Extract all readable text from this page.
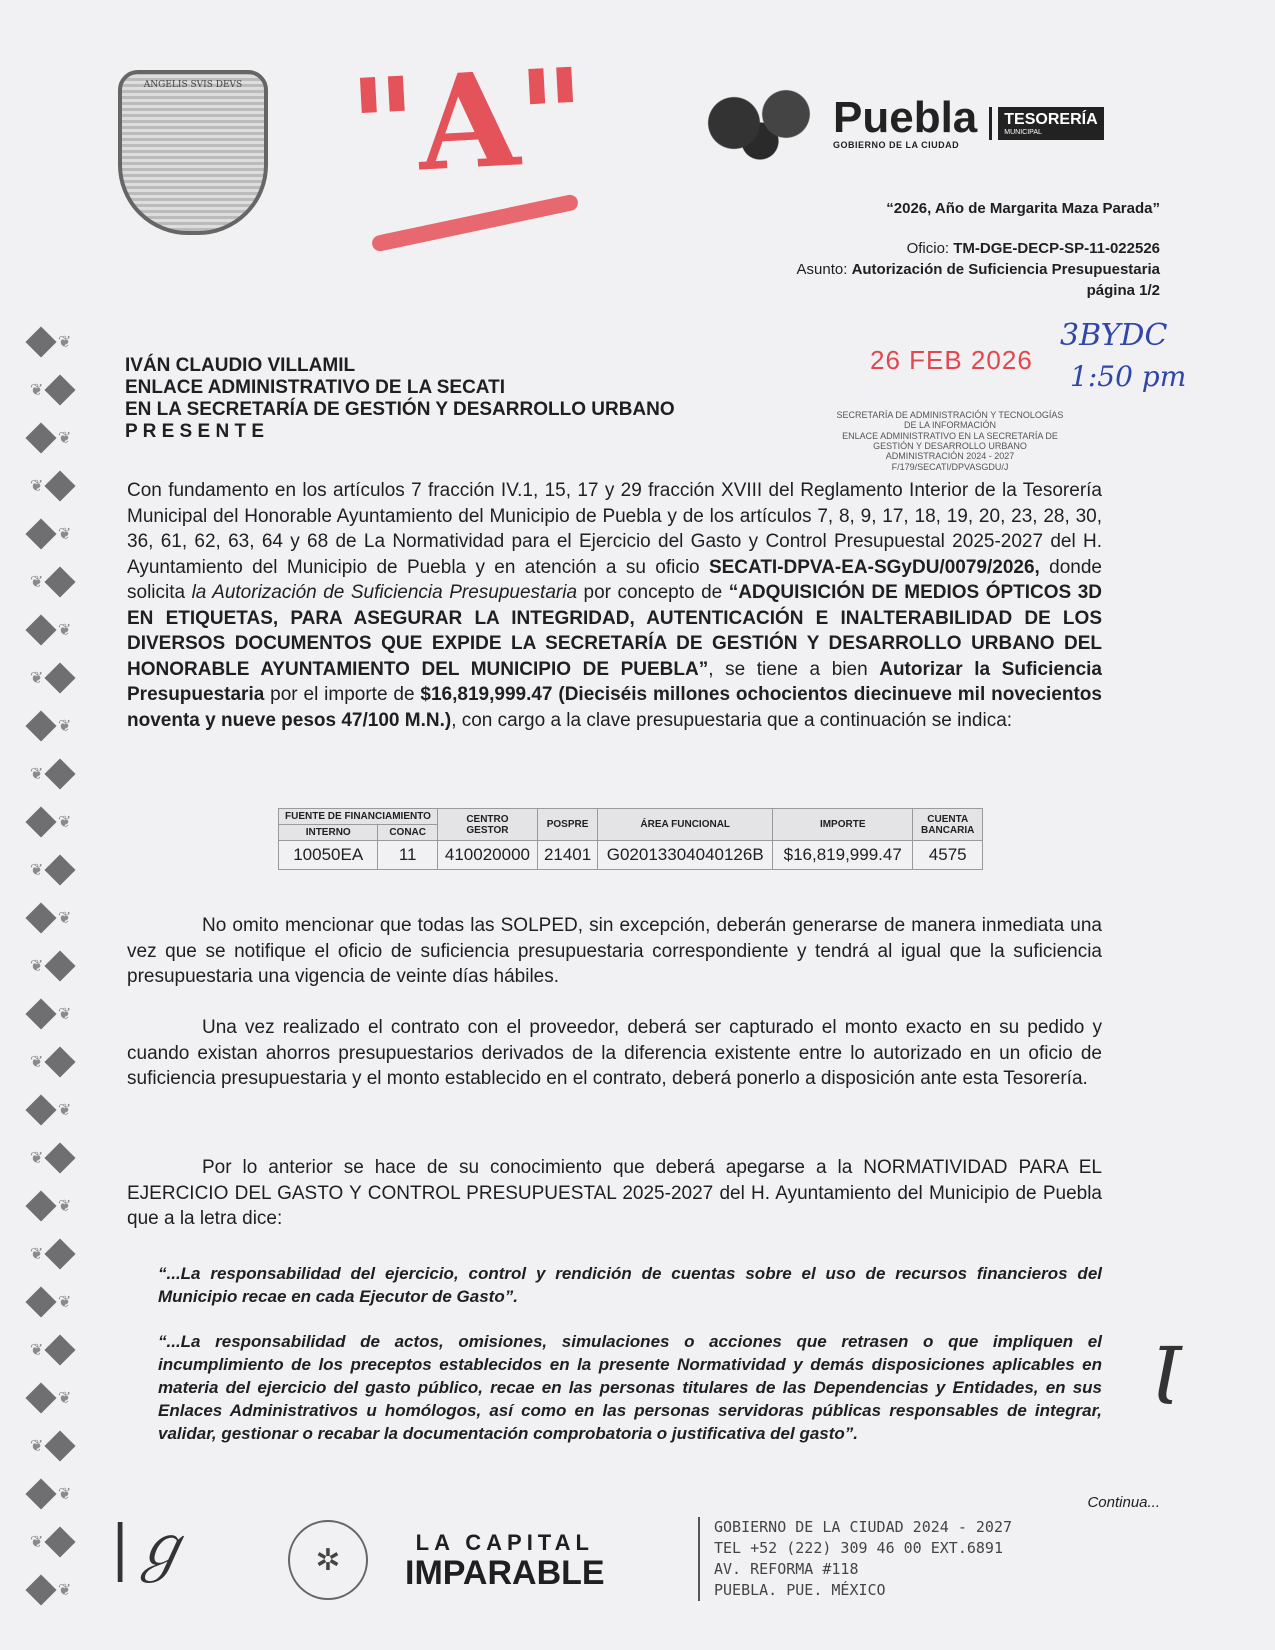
❦
❦
❦
❦
❦
❦
❦
❦
❦
❦
❦
❦
❦
❦
❦
❦
❦
❦
❦
❦
❦
❦
❦
❦
❦
❦
❦
ANGELIS SVIS DEVS "A"	Puebla
GOBIERNO DE LA CIUDAD
TESORERÍA
MUNICIPAL
“2026, Año de Margarita Maza Parada”
Oficio: TM-DGE-DECP-SP-11-022526
Asunto: Autorización de Suficiencia Presupuestaria
página 1/2
26 FEB 2026
3BYDC
1:50 pm
SECRETARÍA DE ADMINISTRACIÓN Y TECNOLOGÍAS
DE LA INFORMACIÓN
ENLACE ADMINISTRATIVO EN LA SECRETARÍA DE
GESTIÓN Y DESARROLLO URBANO
ADMINISTRACIÓN 2024 - 2027
F/179/SECATI/DPVASGDU/J
IVÁN CLAUDIO VILLAMIL
ENLACE ADMINISTRATIVO DE LA SECATI
EN LA SECRETARÍA DE GESTIÓN Y DESARROLLO URBANO
P R E S E N T E
Con fundamento en los artículos 7 fracción IV.1, 15, 17 y 29 fracción XVIII del Reglamento Interior de la Tesorería Municipal del Honorable Ayuntamiento del Municipio de Puebla y de los artículos 7, 8, 9, 17, 18, 19, 20, 23, 28, 30, 36, 61, 62, 63, 64 y 68 de La Normatividad para el Ejercicio del Gasto y Control Presupuestal 2025-2027 del H. Ayuntamiento del Municipio de Puebla y en atención a su oficio SECATI-DPVA-EA-SGyDU/0079/2026, donde solicita la Autorización de Suficiencia Presupuestaria por concepto de “ADQUISICIÓN DE MEDIOS ÓPTICOS 3D EN ETIQUETAS, PARA ASEGURAR LA INTEGRIDAD, AUTENTICACIÓN E INALTERABILIDAD DE LOS DIVERSOS DOCUMENTOS QUE EXPIDE LA SECRETARÍA DE GESTIÓN Y DESARROLLO URBANO DEL HONORABLE AYUNTAMIENTO DEL MUNICIPIO DE PUEBLA”, se tiene a bien Autorizar la Suficiencia Presupuestaria por el importe de $16,819,999.47 (Dieciséis millones ochocientos diecinueve mil novecientos noventa y nueve pesos 47/100 M.N.), con cargo a la clave presupuestaria que a continuación se indica:
FUENTE DE FINANCIAMIENTO		CENTRO GESTOR	POSPRE	ÁREA FUNCIONAL	IMPORTE	CUENTA BANCARIA
INTERNO	CONAC					
10050EA	11	410020000	21401	G02013304040126B	$16,819,999.47	4575
No omito mencionar que todas las SOLPED, sin excepción, deberán generarse de manera inmediata una vez que se notifique el oficio de suficiencia presupuestaria correspondiente y tendrá al igual que la suficiencia presupuestaria una vigencia de veinte días hábiles.
Una vez realizado el contrato con el proveedor, deberá ser capturado el monto exacto en su pedido y cuando existan ahorros presupuestarios derivados de la diferencia existente entre lo autorizado en un oficio de suficiencia presupuestaria y el monto establecido en el contrato, deberá ponerlo a disposición ante esta Tesorería.
Por lo anterior se hace de su conocimiento que deberá apegarse a la NORMATIVIDAD PARA EL EJERCICIO DEL GASTO Y CONTROL PRESUPUESTAL 2025-2027 del H. Ayuntamiento del Municipio de Puebla que a la letra dice:
“...La responsabilidad del ejercicio, control y rendición de cuentas sobre el uso de recursos financieros del Municipio recae en cada Ejecutor de Gasto”.
“...La responsabilidad de actos, omisiones, simulaciones o acciones que retrasen o que impliquen el incumplimiento de los preceptos establecidos en la presente Normatividad y demás disposiciones aplicables en materia del ejercicio del gasto público, recae en las personas titulares de las Dependencias y Entidades, en sus Enlaces Administrativos u homólogos, así como en las personas servidoras públicas responsables de integrar, validar, gestionar o recabar la documentación comprobatoria o justificativa del gasto”.
Continua...
|ℊ
Ɩ
✲
LA CAPITAL
IMPARABLE
GOBIERNO DE LA CIUDAD 2024 - 2027
TEL +52 (222) 309 46 00 EXT.6891
AV. REFORMA #118
PUEBLA. PUE. MÉXICO
